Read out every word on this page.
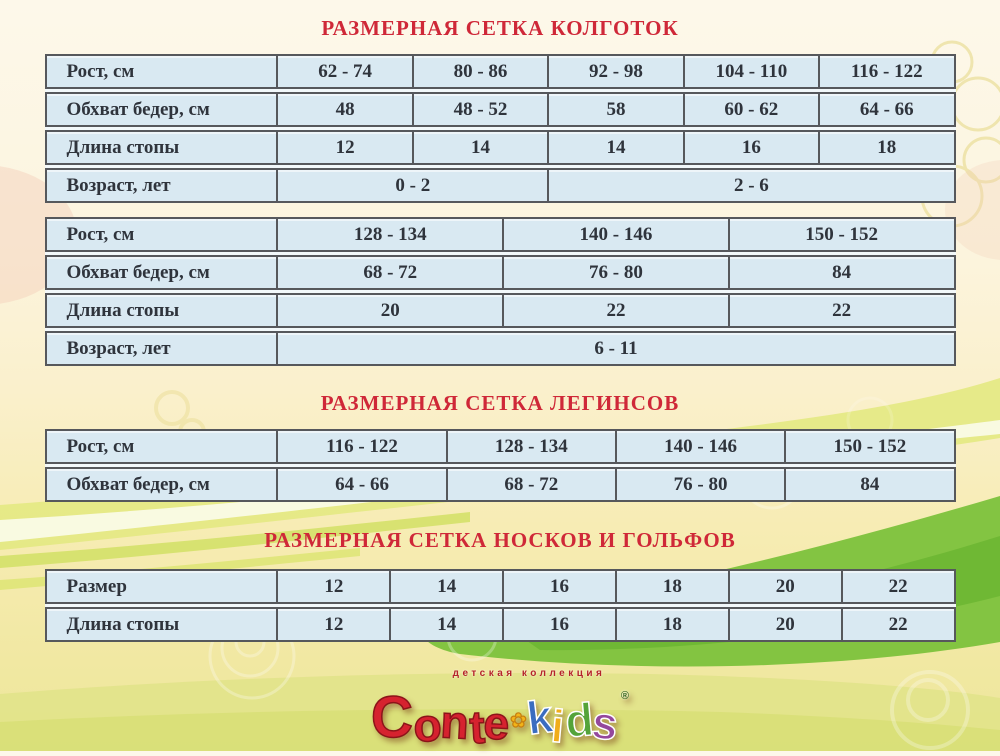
РАЗМЕРНАЯ СЕТКА КОЛГОТОК
Рост, см	62 - 74	80 - 86	92 - 98	104 - 110	116 - 122
Обхват бедер, см	48	48 - 52	58	60 - 62	64 - 66
Длина стопы	12	14	14	16	18
Возраст, лет	0 - 2	2 - 6
Рост, см	128 - 134	140 - 146	150 - 152
Обхват бедер, см	68 - 72	76 - 80	84
Длина стопы	20	22	22
Возраст, лет	6 - 11
РАЗМЕРНАЯ СЕТКА ЛЕГИНСОВ
Рост, см	116 - 122	128 - 134	140 - 146	150 - 152
Обхват бедер, см	64 - 66	68 - 72	76 - 80	84
РАЗМЕРНАЯ СЕТКА НОСКОВ И ГОЛЬФОВ
Размер	12	14	16	18	20	22
Длина стопы	12	14	16	18	20	22
детская коллекция
Conte✿kids®
